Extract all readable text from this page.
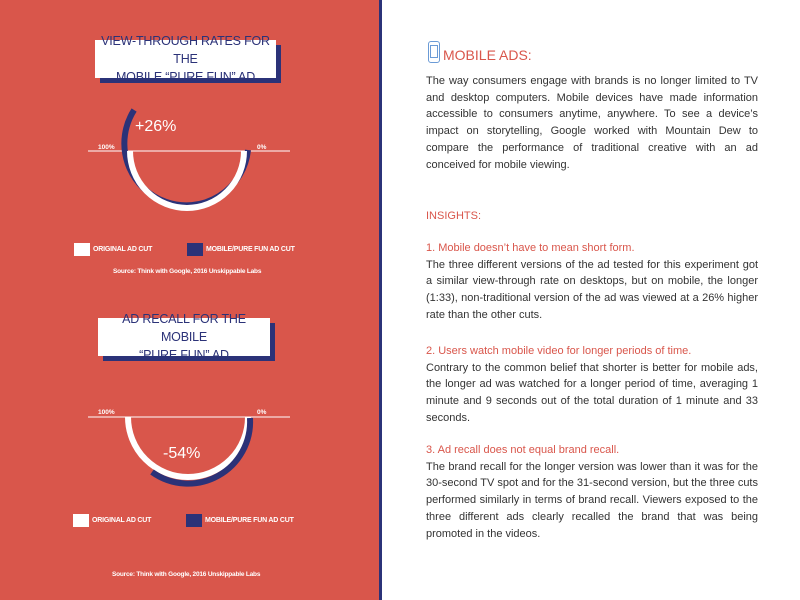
VIEW-THROUGH RATES FOR THE
MOBILE “PURE FUN” AD
AD RECALL FOR THE MOBILE
“PURE FUN” AD
100%	0%
+26%
100%	0%
-54%
ORIGINAL AD CUT	MOBILE/PURE FUN AD CUT
Source: Think with Google, 2016 Unskippable Labs
ORIGINAL AD CUT	MOBILE/PURE FUN AD CUT
Source: Think with Google, 2016 Unskippable Labs
MOBILE ADS:

The way consumers engage with brands is no longer limited to TV and desktop computers. Mobile devices have made information accessible to consumers anytime, anywhere. To see a device’s impact on storytelling, Google worked with Mountain Dew to compare the performance of traditional creative with an ad conceived for mobile viewing.

INSIGHTS:

1. Mobile doesn’t have to mean short form.

The three different versions of the ad tested for this experiment got a similar view-through rate on desktops, but on mobile, the longer (1:33), non-traditional version of the ad was viewed at a 26% higher rate than the other cuts.

2. Users watch mobile video for longer periods of time.

Contrary to the common belief that shorter is better for mobile ads, the longer ad was watched for a longer period of time, averaging 1 minute and 9 seconds out of the total duration of 1 minute and 33 seconds.

3. Ad recall does not equal brand recall.

The brand recall for the longer version was lower than it was for the 30-second TV spot and for the 31-second version, but the three cuts performed similarly in terms of brand recall. Viewers exposed to the three different ads clearly recalled the brand that was being promoted in the videos.
